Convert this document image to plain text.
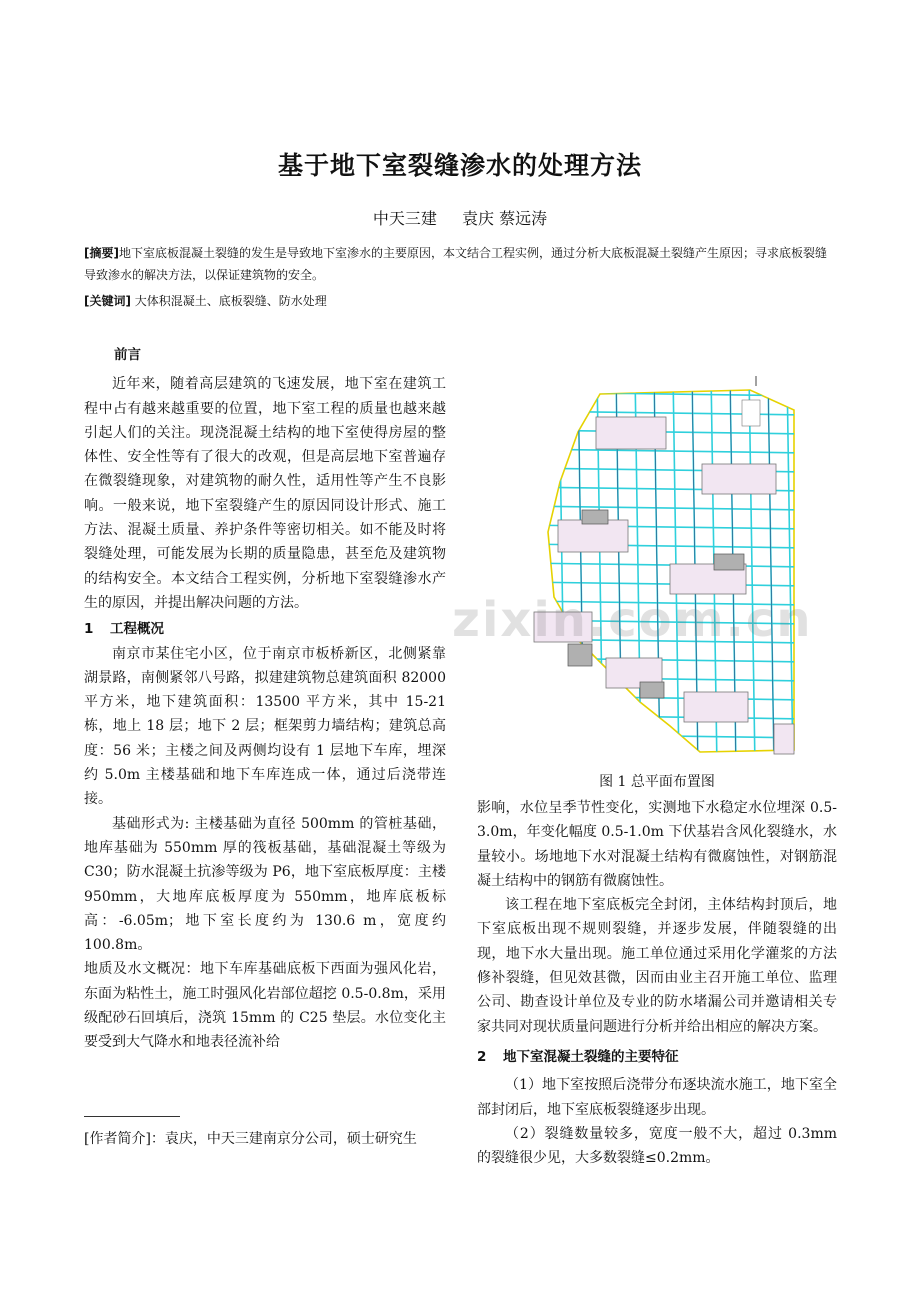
基于地下室裂缝渗水的处理方法
中天三建 袁庆 蔡远涛
[摘要]地下室底板混凝土裂缝的发生是导致地下室渗水的主要原因，本文结合工程实例，通过分析大底板混凝土裂缝产生原因；寻求底板裂缝导致渗水的解决方法，以保证建筑物的安全。
[关键词] 大体积混凝土、底板裂缝、防水处理

前言

近年来，随着高层建筑的飞速发展，地下室在建筑工程中占有越来越重要的位置，地下室工程的质量也越来越引起人们的关注。现浇混凝土结构的地下室使得房屋的整体性、安全性等有了很大的改观，但是高层地下室普遍存在微裂缝现象，对建筑物的耐久性，适用性等产生不良影响。一般来说，地下室裂缝产生的原因同设计形式、施工方法、混凝土质量、养护条件等密切相关。如不能及时将裂缝处理，可能发展为长期的质量隐患，甚至危及建筑物的结构安全。本文结合工程实例，分析地下室裂缝渗水产生的原因，并提出解决问题的方法。

1 工程概况

南京市某住宅小区，位于南京市板桥新区，北侧紧靠湖景路，南侧紧邻八号路，拟建建筑物总建筑面积 82000 平方米，地下建筑面积：13500 平方米，其中 15-21 栋，地上 18 层；地下 2 层；框架剪力墙结构；建筑总高度：56 米；主楼之间及两侧均设有 1 层地下车库，埋深约 5.0m 主楼基础和地下车库连成一体，通过后浇带连接。

基础形式为: 主楼基础为直径 500mm 的管桩基础，地库基础为 550mm 厚的筏板基础，基础混凝土等级为 C30；防水混凝土抗渗等级为 P6，地下室底板厚度：主楼 950mm，大地库底板厚度为 550mm，地库底板标高：-6.05m；地下室长度约为 130.6 m，宽度约 100.8m。

地质及水文概况：地下车库基础底板下西面为强风化岩，东面为粘性土，施工时强风化岩部位超挖 0.5-0.8m，采用级配砂石回填后，浇筑 15mm 的 C25 垫层。水位变化主要受到大气降水和地表径流补给

图 1 总平面布置图
zixin.com.cn

影响，水位呈季节性变化，实测地下水稳定水位埋深 0.5-3.0m，年变化幅度 0.5-1.0m 下伏基岩含风化裂缝水，水量较小。场地地下水对混凝土结构有微腐蚀性，对钢筋混凝土结构中的钢筋有微腐蚀性。

该工程在地下室底板完全封闭，主体结构封顶后，地下室底板出现不规则裂缝，并逐步发展，伴随裂缝的出现，地下水大量出现。施工单位通过采用化学灌浆的方法修补裂缝，但见效甚微，因而由业主召开施工单位、监理公司、勘查设计单位及专业的防水堵漏公司并邀请相关专家共同对现状质量问题进行分析并给出相应的解决方案。

2 地下室混凝土裂缝的主要特征

（1）地下室按照后浇带分布逐块流水施工，地下室全部封闭后，地下室底板裂缝逐步出现。

（2）裂缝数量较多，宽度一般不大，超过 0.3mm 的裂缝很少见，大多数裂缝≤0.2mm。

[作者简介]：袁庆，中天三建南京分公司，硕士研究生
